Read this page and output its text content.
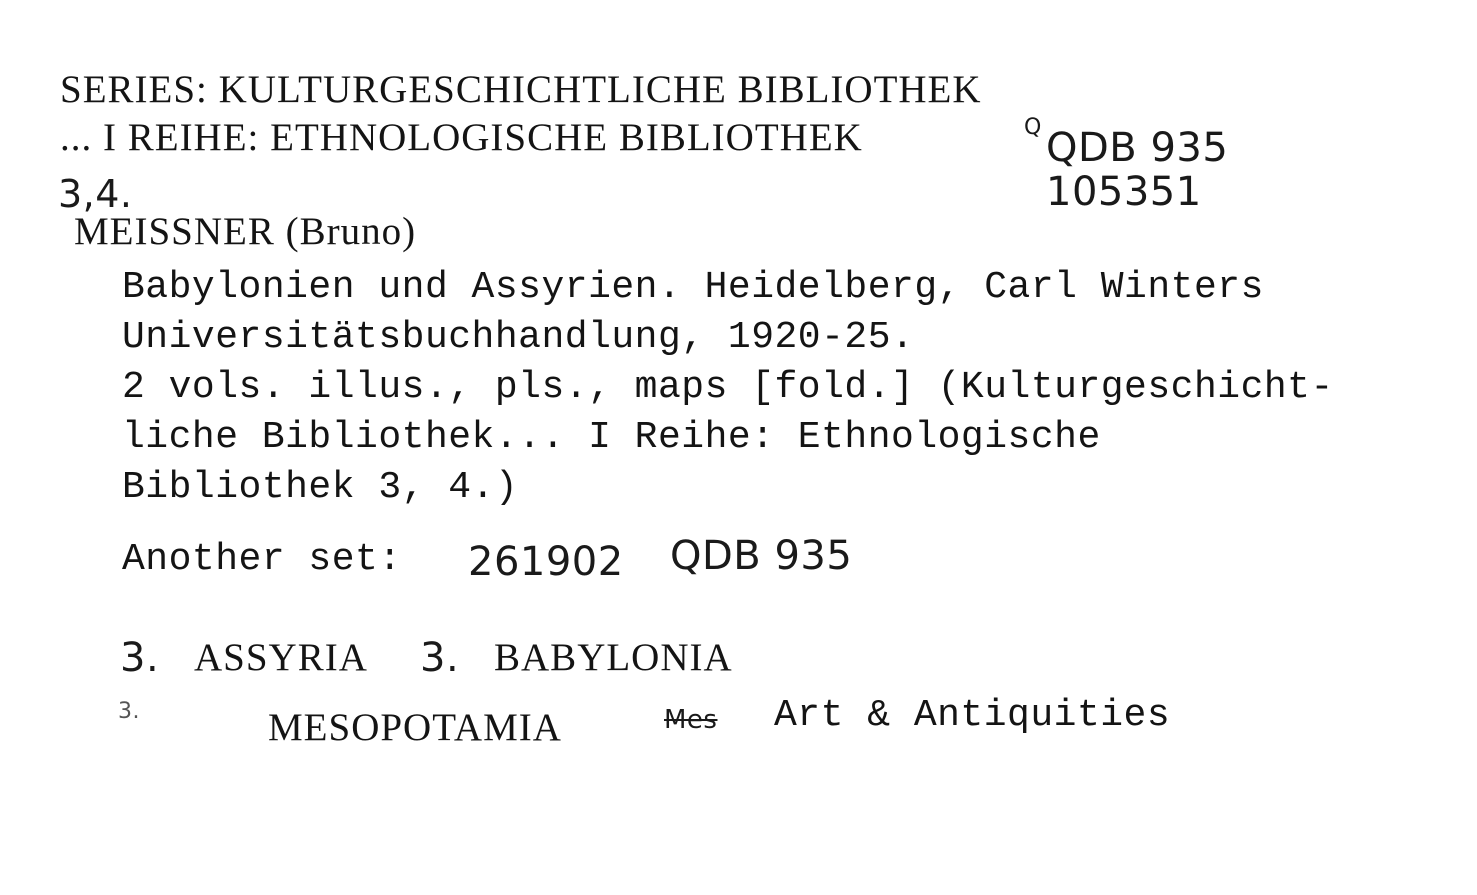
SERIES: KULTURGESCHICHTLICHE BIBLIOTHEK
... I REIHE: ETHNOLOGISCHE BIBLIOTHEK
3,4.
Q QDB 935
105351
MEISSNER (Bruno)
Babylonien und Assyrien. Heidelberg, Carl Winters
Universitätsbuchhandlung, 1920-25.
2 vols. illus., pls., maps [fold.] (Kulturgeschicht-
liche Bibliothek... I Reihe: Ethnologische
Bibliothek 3, 4.)
Another set: 261902 QDB 935
3. ASSYRIA 3. BABYLONIA
3.	MESOPOTAMIA	Mes Art & Antiquities
